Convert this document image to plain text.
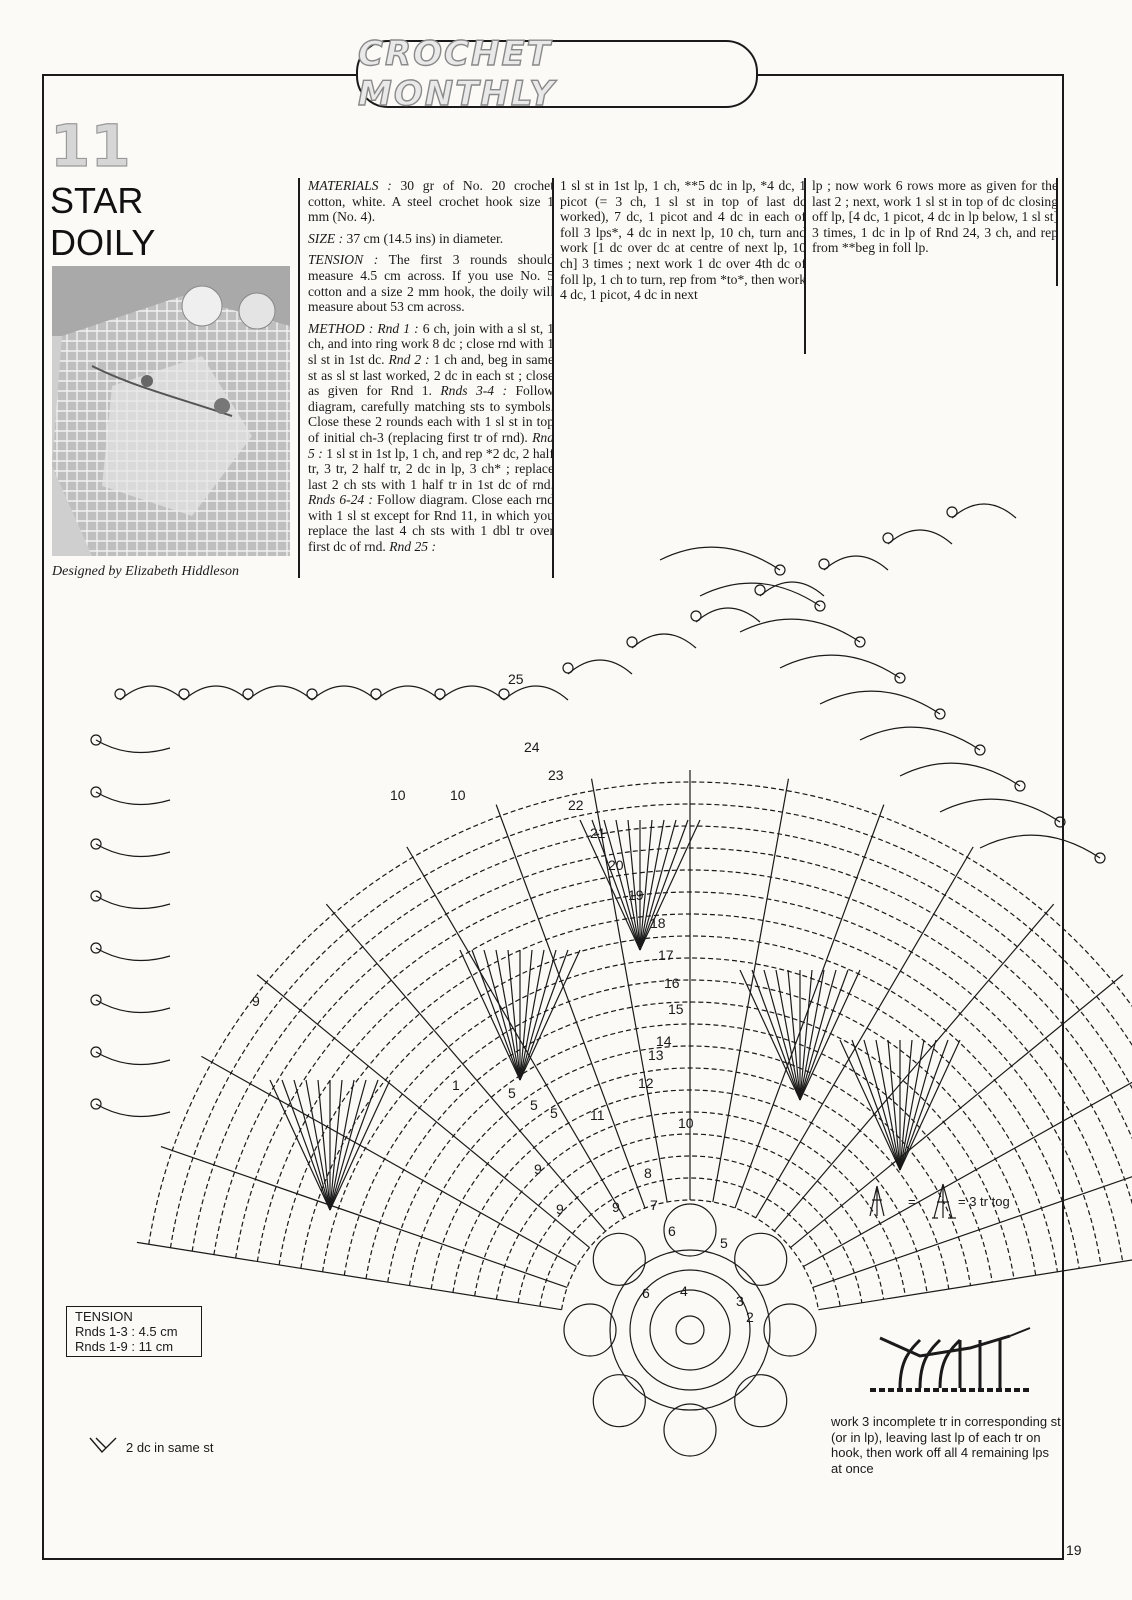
CROCHET MONTHLY
11
STAR
DOILY
Designed by Elizabeth Hiddleson

MATERIALS : 30 gr of No. 20 crochet cotton, white. A steel crochet hook size 1 mm (No. 4).

SIZE : 37 cm (14.5 ins) in diameter.

TENSION : The first 3 rounds should measure 4.5 cm across. If you use No. 5 cotton and a size 2 mm hook, the doily will measure about 53 cm across.

METHOD : Rnd 1 : 6 ch, join with a sl st, 1 ch, and into ring work 8 dc ; close rnd with 1 sl st in 1st dc. Rnd 2 : 1 ch and, beg in same st as sl st last worked, 2 dc in each st ; close as given for Rnd 1. Rnds 3-4 : Follow diagram, carefully matching sts to symbols. Close these 2 rounds each with 1 sl st in top of initial ch-3 (replacing first tr of rnd). Rnd 5 : 1 sl st in 1st lp, 1 ch, and rep *2 dc, 2 half tr, 3 tr, 2 half tr, 2 dc in lp, 3 ch* ; replace last 2 ch sts with 1 half tr in 1st dc of rnd. Rnds 6-24 : Follow diagram. Close each rnd with 1 sl st except for Rnd 11, in which you replace the last 4 ch sts with 1 dbl tr over first dc of rnd. Rnd 25 :

lp ; now work 6 rows more as given for the last 2 ; next, work 1 sl st in top of dc closing off lp, [4 dc, 1 picot, 4 dc in lp below, 1 sl st] 3 times, 1 dc in lp of Rnd 24, 3 ch, and rep from **beg in foll lp.

1 sl st in 1st lp, 1 ch, **5 dc in lp, *4 dc, 1 picot (= 3 ch, 1 sl st in top of last dc worked), 7 dc, 1 picot and 4 dc in each of foll 3 lps*, 4 dc in next lp, 10 ch, turn and work [1 dc over dc at centre of next lp, 10 ch] 3 times ; next work 1 dc over 4th dc of foll lp, 1 ch to turn, rep from *to*, then work 4 dc, 1 picot, 4 dc in next

1
2
3
4
5
5
5 5
6
6
7
8
9
9
9	9
10	10
10
11
12
13
14
15
16
17
18
19
20
21
22
23
24
25
TENSION
Rnds 1-3 : 4.5 cm
Rnds 1-9 : 11 cm
2 dc in same st
=	= 3 tr tog
work 3 incomplete tr in corresponding st (or in lp), leaving last lp of each tr on hook, then work off all 4 remaining lps at once
19
